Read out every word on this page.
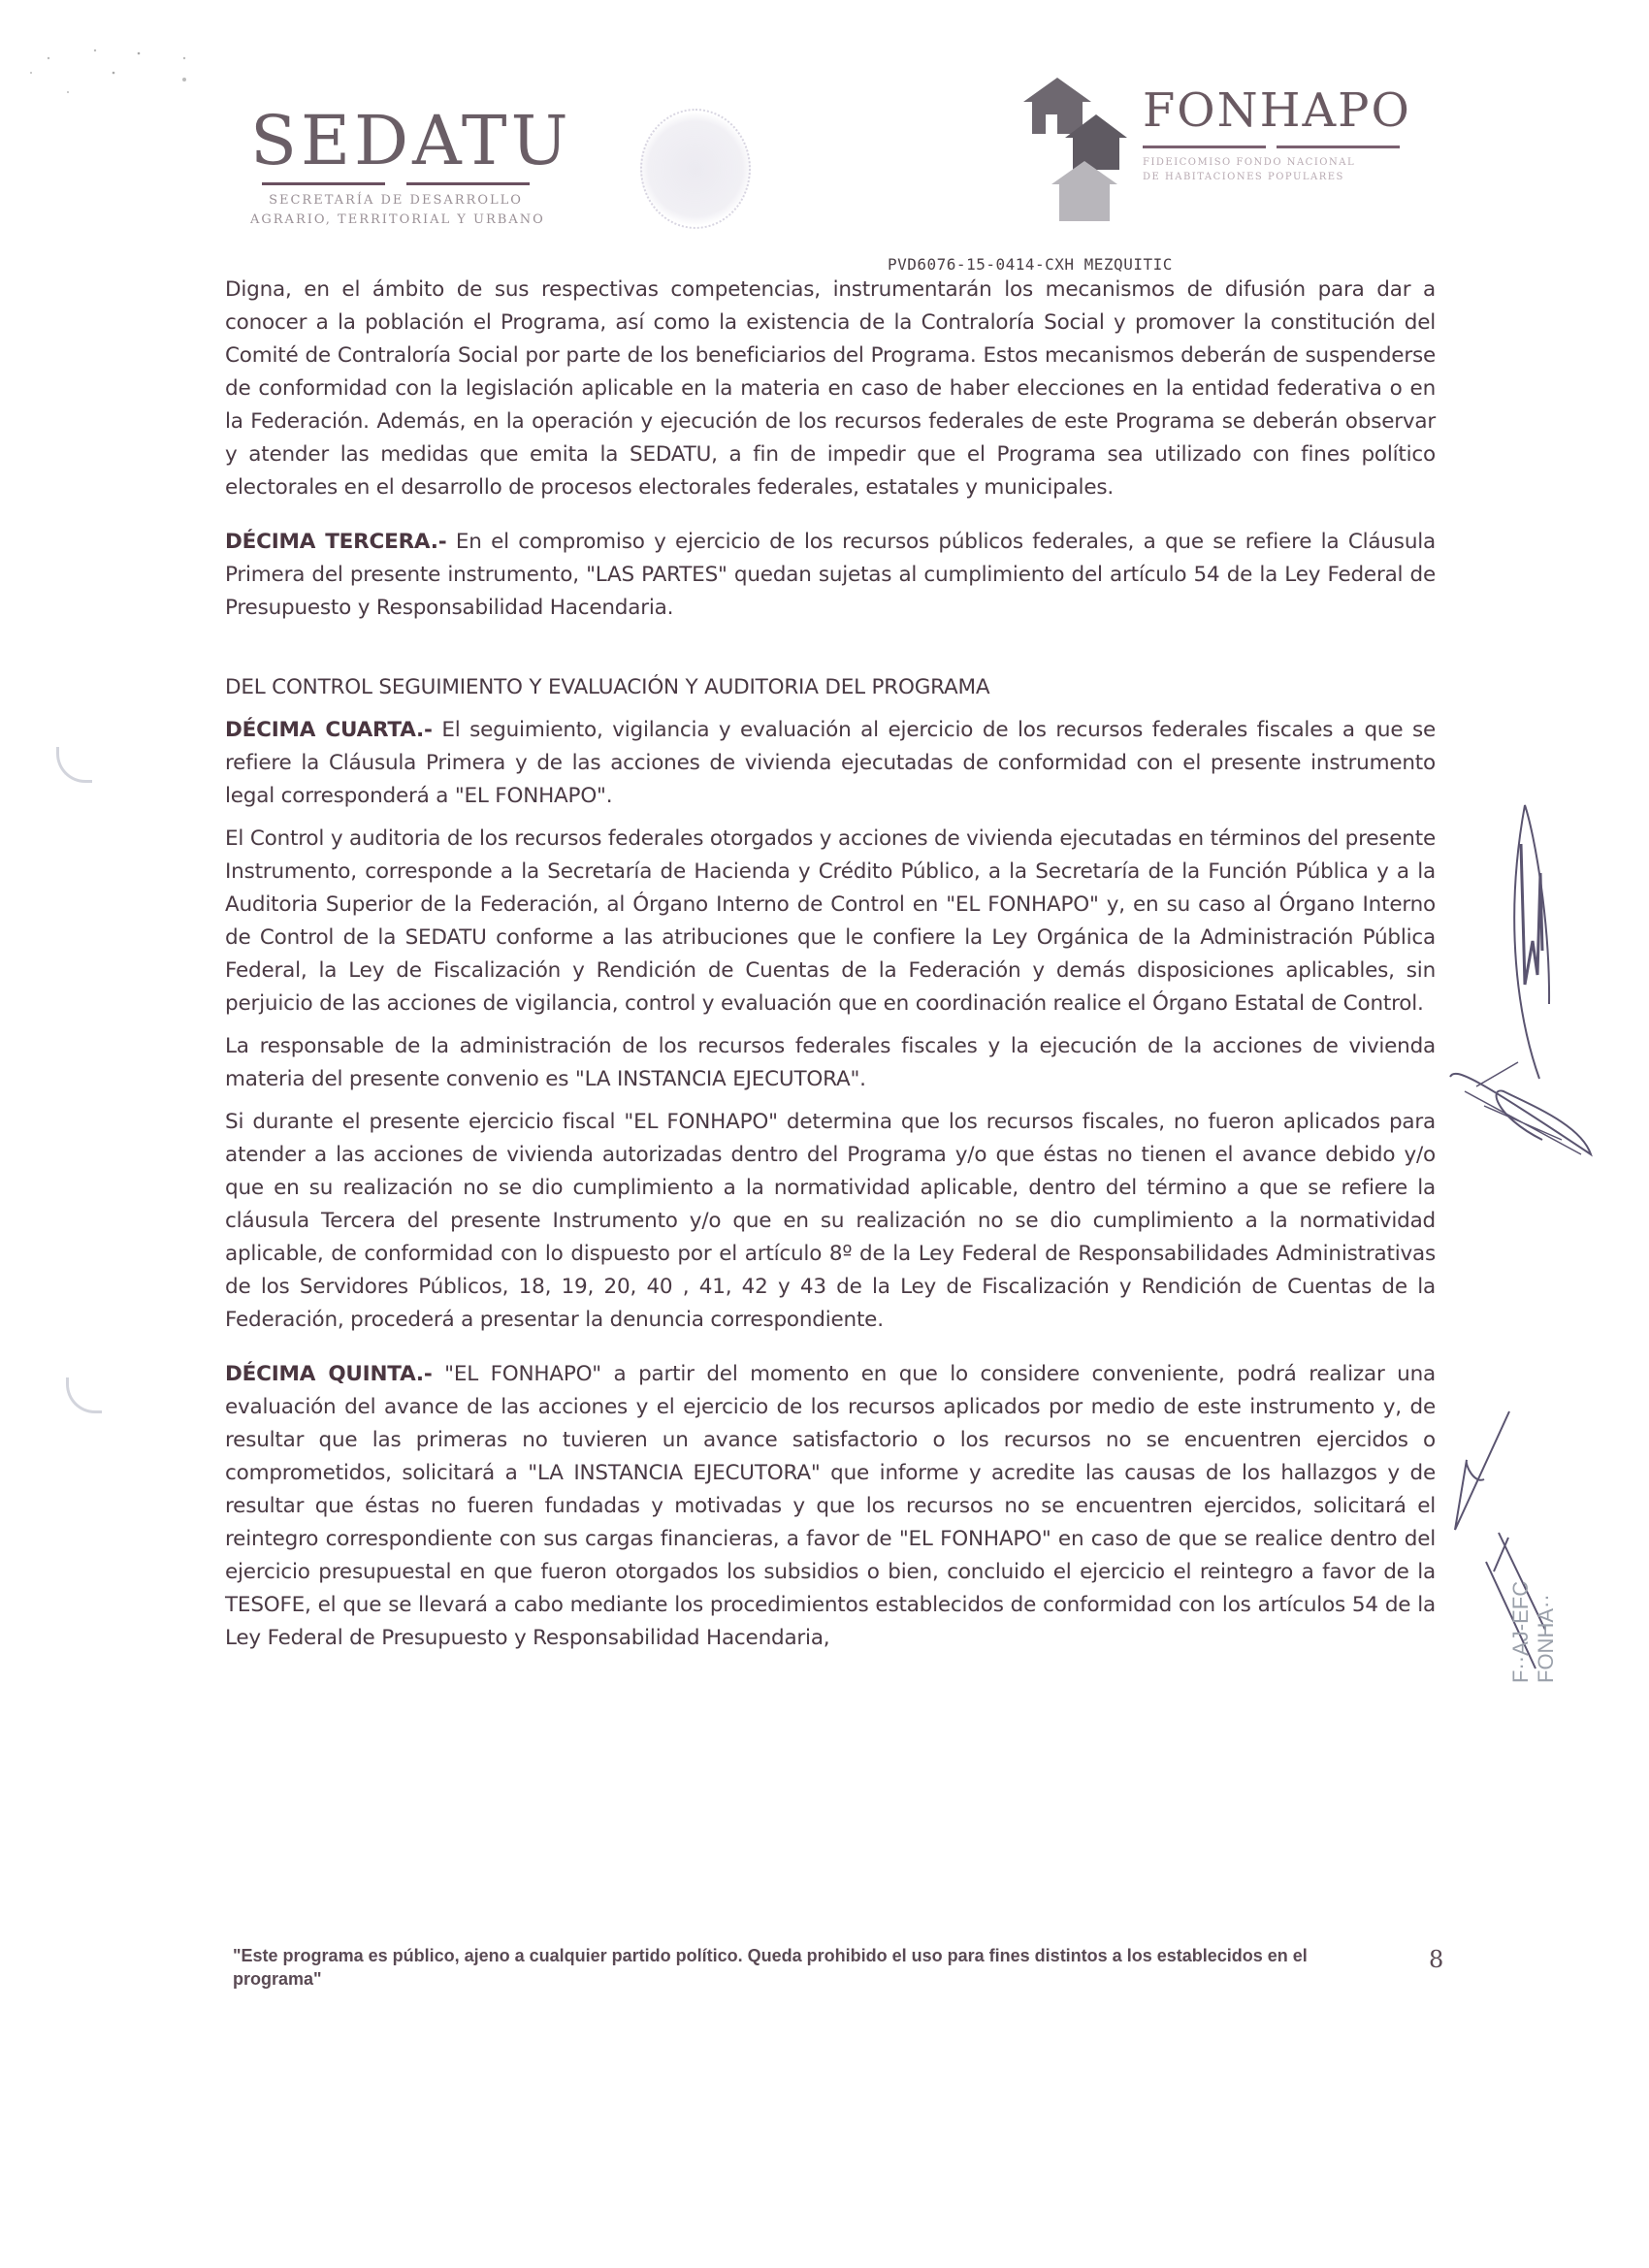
SEDATU
SECRETARÍA DE DESARROLLO
AGRARIO, TERRITORIAL Y URBANO
FONHAPO
FIDEICOMISO FONDO NACIONAL
DE HABITACIONES POPULARES
PVD6076-15-0414-CXH MEZQUITIC

Digna, en el ámbito de sus respectivas competencias, instrumentarán los mecanismos de difusión para dar a conocer a la población el Programa, así como la existencia de la Contraloría Social y promover la constitución del Comité de Contraloría Social por parte de los beneficiarios del Programa. Estos mecanismos deberán de suspenderse de conformidad con la legislación aplicable en la materia en caso de haber elecciones en la entidad federativa o en la Federación. Además, en la operación y ejecución de los recursos federales de este Programa se deberán observar y atender las medidas que emita la SEDATU, a fin de impedir que el Programa sea utilizado con fines político electorales en el desarrollo de procesos electorales federales, estatales y municipales.

DÉCIMA TERCERA.- En el compromiso y ejercicio de los recursos públicos federales, a que se refiere la Cláusula Primera del presente instrumento, "LAS PARTES" quedan sujetas al cumplimiento del artículo 54 de la Ley Federal de Presupuesto y Responsabilidad Hacendaria.

DEL CONTROL SEGUIMIENTO Y EVALUACIÓN Y AUDITORIA DEL PROGRAMA

DÉCIMA CUARTA.- El seguimiento, vigilancia y evaluación al ejercicio de los recursos federales fiscales a que se refiere la Cláusula Primera y de las acciones de vivienda ejecutadas de conformidad con el presente instrumento legal corresponderá a "EL FONHAPO".

El Control y auditoria de los recursos federales otorgados y acciones de vivienda ejecutadas en términos del presente Instrumento, corresponde a la Secretaría de Hacienda y Crédito Público, a la Secretaría de la Función Pública y a la Auditoria Superior de la Federación, al Órgano Interno de Control en "EL FONHAPO" y, en su caso al Órgano Interno de Control de la SEDATU conforme a las atribuciones que le confiere la Ley Orgánica de la Administración Pública Federal, la Ley de Fiscalización y Rendición de Cuentas de la Federación y demás disposiciones aplicables, sin perjuicio de las acciones de vigilancia, control y evaluación que en coordinación realice el Órgano Estatal de Control.

La responsable de la administración de los recursos federales fiscales y la ejecución de la acciones de vivienda materia del presente convenio es "LA INSTANCIA EJECUTORA".

Si durante el presente ejercicio fiscal "EL FONHAPO" determina que los recursos fiscales, no fueron aplicados para atender a las acciones de vivienda autorizadas dentro del Programa y/o que éstas no tienen el avance debido y/o que en su realización no se dio cumplimiento a la normatividad aplicable, dentro del término a que se refiere la cláusula Tercera del presente Instrumento y/o que en su realización no se dio cumplimiento a la normatividad aplicable, de conformidad con lo dispuesto por el artículo 8º de la Ley Federal de Responsabilidades Administrativas de los Servidores Públicos, 18, 19, 20, 40 , 41, 42 y 43 de la Ley de Fiscalización y Rendición de Cuentas de la Federación, procederá a presentar la denuncia correspondiente.

DÉCIMA QUINTA.- "EL FONHAPO" a partir del momento en que lo considere conveniente, podrá realizar una evaluación del avance de las acciones y el ejercicio de los recursos aplicados por medio de este instrumento y, de resultar que las primeras no tuvieren un avance satisfactorio o los recursos no se encuentren ejercidos o comprometidos, solicitará a "LA INSTANCIA EJECUTORA" que informe y acredite las causas de los hallazgos y de resultar que éstas no fueren fundadas y motivadas y que los recursos no se encuentren ejercidos, solicitará el reintegro correspondiente con sus cargas financieras, a favor de "EL FONHAPO" en caso de que se realice dentro del ejercicio presupuestal en que fueron otorgados los subsidios o bien, concluido el ejercicio el reintegro a favor de la TESOFE, el que se llevará a cabo mediante los procedimientos establecidos de conformidad con los artículos 54 de la Ley Federal de Presupuesto y Responsabilidad Hacendaria,

"Este programa es público, ajeno a cualquier partido político. Queda prohibido el uso para fines distintos a los establecidos en el programa"
8
F··AJ-EFC FONHA··
